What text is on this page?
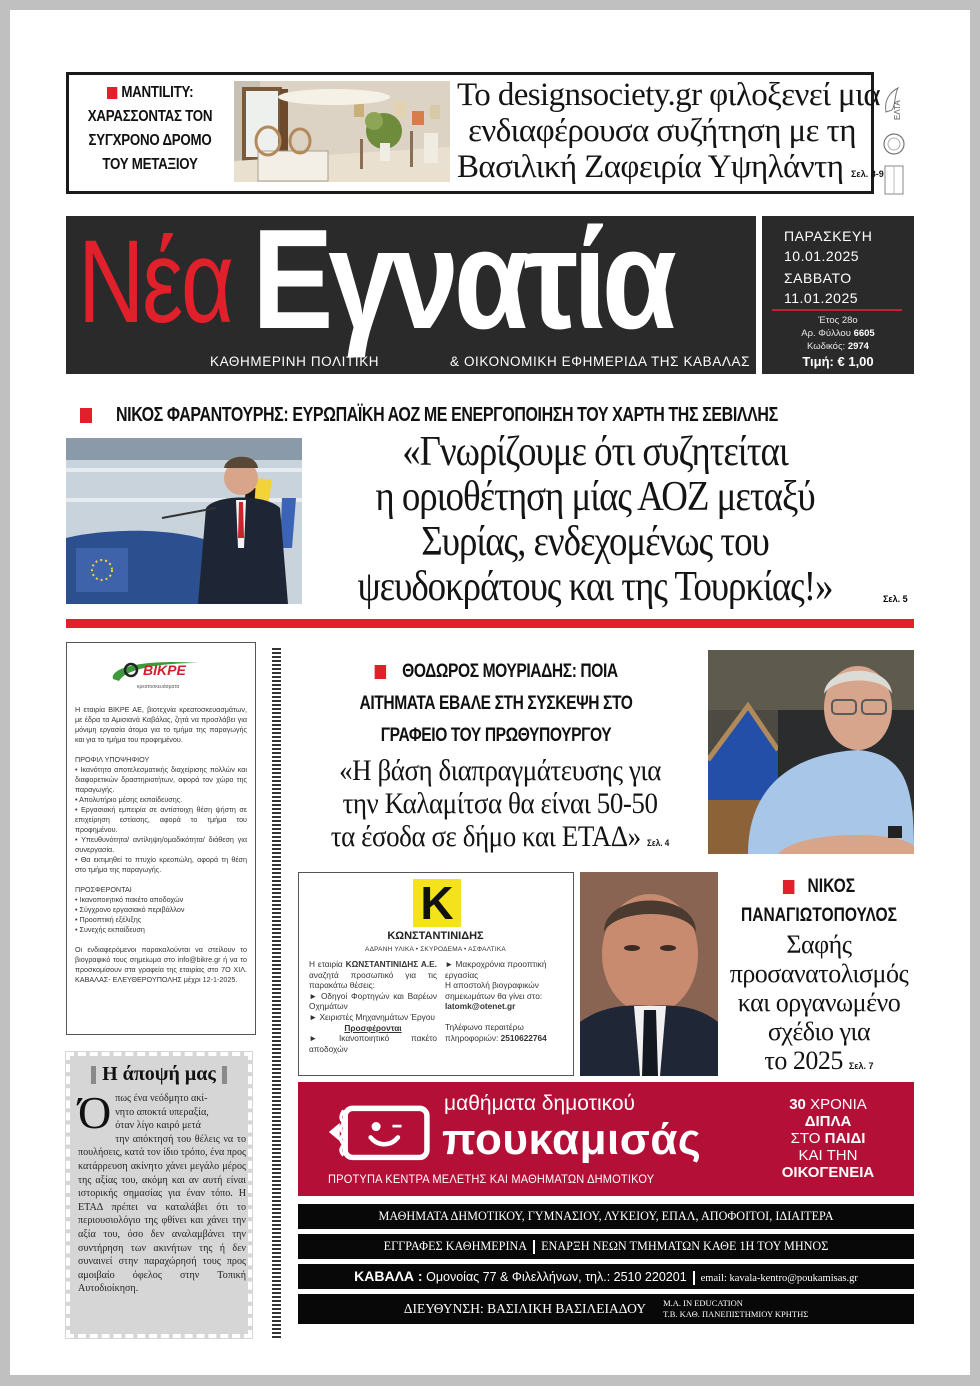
MANTILITY:
ΧΑΡΑΣΣΟΝΤΑΣ ΤΟΝ
ΣΥΓΧΡΟΝΟ ΔΡΟΜΟ
ΤΟΥ ΜΕΤΑΞΙΟΥ
Το designsociety.gr φιλοξενεί μια
ενδιαφέρουσα συζήτηση με τη
Βασιλική Ζαφειρία Υψηλάντη Σελ. 8-9
ΕΛΤΑ
Νέα Εγνατία
ΚΑΘΗΜΕΡΙΝΗ ΠΟΛΙΤΙΚΗ	& ΟΙΚΟΝΟΜΙΚΗ ΕΦΗΜΕΡΙΔΑ ΤΗΣ ΚΑΒΑΛΑΣ
ΠΑΡΑΣΚΕΥΗ
10.01.2025
ΣΑΒΒΑΤΟ
11.01.2025
Έτος 28ο
Αρ. Φύλλου 6605
Κωδικός: 2974
Τιμή: € 1,00
ΝΙΚΟΣ ΦΑΡΑΝΤΟΥΡΗΣ: ΕΥΡΩΠΑΪΚΗ ΑΟΖ ΜΕ ΕΝΕΡΓΟΠΟΙΗΣΗ ΤΟΥ ΧΑΡΤΗ ΤΗΣ ΣΕΒΙΛΛΗΣ
«Γνωρίζουμε ότι συζητείται
η οριοθέτηση μίας ΑΟΖ μεταξύ
Συρίας, ενδεχομένως του
ψευδοκράτους και της Τουρκίας!»	Σελ. 5
BIKPE
κρεατοσκευάσματα

Η εταιρία ΒΙΚΡΕ ΑΕ, βιοτεχνία κρεατοσκευασμάτων, με έδρα τα Αμισιανά Καβάλας, ζητά να προσλάβει για μόνιμη εργασία άτομα για το τμήμα της παραγωγής και για το τμήμα του προφημένου.

ΠΡΟΦΙΛ ΥΠΟΨΗΦΙΟΥ
• Ικανότητα αποτελεσματικής διαχείρισης πολλών και διαφορετικών δραστηριοτήτων, αφορά τον χώρο της παραγωγής.
• Απολυτήριο μέσης εκπαίδευσης.
• Εργασιακή εμπειρία σε αντίστοιχη θέση ψήστη σε επιχείρηση εστίασης, αφορά το τμήμα του προφημένου.
• Υπευθυνότητα/ αντίληψη/ομαδικότητα/ διάθεση για συνεργασία.
• Θα εκτιμηθεί το πτυχίο κρεοπώλη, αφορά τη θέση στο τμήμα της παραγωγής.
ΠΡΟΣΦΕΡΟΝΤΑΙ
• Ικανοποιητικό πακέτο αποδοχών
• Σύγχρονο εργασιακό περιβάλλον
• Προοπτική εξέλιξης
• Συνεχής εκπαίδευση

Οι ενδιαφερόμενοι παρακαλούνται να στείλουν το βιογραφικό τους σημείωμα στο info@bikre.gr ή να το προσκομίσουν στα γραφεία της εταιρίας στο 7Ο ΧΙΛ. ΚΑΒΑΛΑΣ- ΕΛΕΥΘΕΡΟΥΠΟΛΗΣ μέχρι 12-1-2025.

Η άποψή μας
Ό πως ένα νεόδμητο ακί-
νητο αποκτά υπεραξία,
όταν λίγο καιρό μετά
την απόκτησή του θέλεις να το πουλήσεις, κατά τον ίδιο τρόπο, ένα προς κατάρρευση ακίνητο χάνει μεγάλο μέρος της αξίας του, ακόμη και αν αυτή είναι ιστορικής σημασίας για έναν τόπο. Η ΕΤΑΔ πρέπει να καταλάβει ότι το περιουσιολόγιο της φθίνει και χάνει την αξία του, όσο δεν αναλαμβάνει την συντήρηση των ακινήτων της ή δεν συναινεί στην παραχώρησή τους προς αμοιβαίο όφελος στην Τοπική Αυτοδιοίκηση.
ΘΟΔΩΡΟΣ ΜΟΥΡΙΑΔΗΣ: ΠΟΙΑ
ΑΙΤΗΜΑΤΑ ΕΒΑΛΕ ΣΤΗ ΣΥΣΚΕΨΗ ΣΤΟ
ΓΡΑΦΕΙΟ ΤΟΥ ΠΡΩΘΥΠΟΥΡΓΟΥ
«Η βάση διαπραγμάτευσης για
την Καλαμίτσα θα είναι 50-50
τα έσοδα σε δήμο και ΕΤΑΔ» Σελ. 4
K
ΚΩΝΣΤΑΝΤΙΝΙΔΗΣ
ΑΔΡΑΝΗ ΥΛΙΚΑ • ΣΚΥΡΟΔΕΜΑ • ΑΣΦΑΛΤΙΚΑ
Η εταιρία ΚΩΝΣΤΑΝΤΙΝΙΔΗΣ Α.Ε. αναζητά προσωπικό για τις παρακάτω θέσεις:
► Οδηγοί Φορτηγών και Βαρέων Οχημάτων
► Χειριστές Μηχανημάτων Έργου
Προσφέρονται
► Ικανοποιητικό πακέτο αποδοχών
► Μακροχρόνια προοπτική εργασίας
Η αποστολή βιογραφικών σημειωμάτων θα γίνει στο:
latomk@otenet.gr
Τηλέφωνο περαιτέρω πληροφοριών: 2510622764
ΝΙΚΟΣ
ΠΑΝΑΓΙΩΤΟΠΟΥΛΟΣ
Σαφής
προσανατολισμός
και οργανωμένο
σχέδιο για
το 2025 Σελ. 7
μαθήματα δημοτικού
πουκαμισάς
ΠΡΟΤΥΠΑ ΚΕΝΤΡΑ ΜΕΛΕΤΗΣ ΚΑΙ ΜΑΘΗΜΑΤΩΝ ΔΗΜΟΤΙΚΟΥ
30 ΧΡΟΝΙΑ
ΔΙΠΛΑ
ΣΤΟ ΠΑΙΔΙ
ΚΑΙ ΤΗΝ
ΟΙΚΟΓΕΝΕΙΑ
ΜΑΘΗΜΑΤΑ ΔΗΜΟΤΙΚΟΥ, ΓΥΜΝΑΣΙΟΥ, ΛΥΚΕΙΟΥ, ΕΠΑΛ, ΑΠΟΦΟΙΤΟΙ, ΙΔΙΑΙΤΕΡΑ
ΕΓΓΡΑΦΕΣ ΚΑΘΗΜΕΡΙΝΑ ΕΝΑΡΞΗ ΝΕΩΝ ΤΜΗΜΑΤΩΝ ΚΑΘΕ 1Η ΤΟΥ ΜΗΝΟΣ
ΚΑΒΑΛΑ : Ομονοίας 77 & Φιλελλήνων, τηλ.: 2510 220201 email: kavala-kentro@poukamisas.gr
ΔΙΕΥΘΥΝΣΗ: ΒΑΣΙΛΙΚΗ ΒΑΣΙΛΕΙΑΔΟΥ M.A. IN EDUCATION
Τ.Β. ΚΑΘ. ΠΑΝΕΠΙΣΤΗΜΙΟΥ ΚΡΗΤΗΣ
